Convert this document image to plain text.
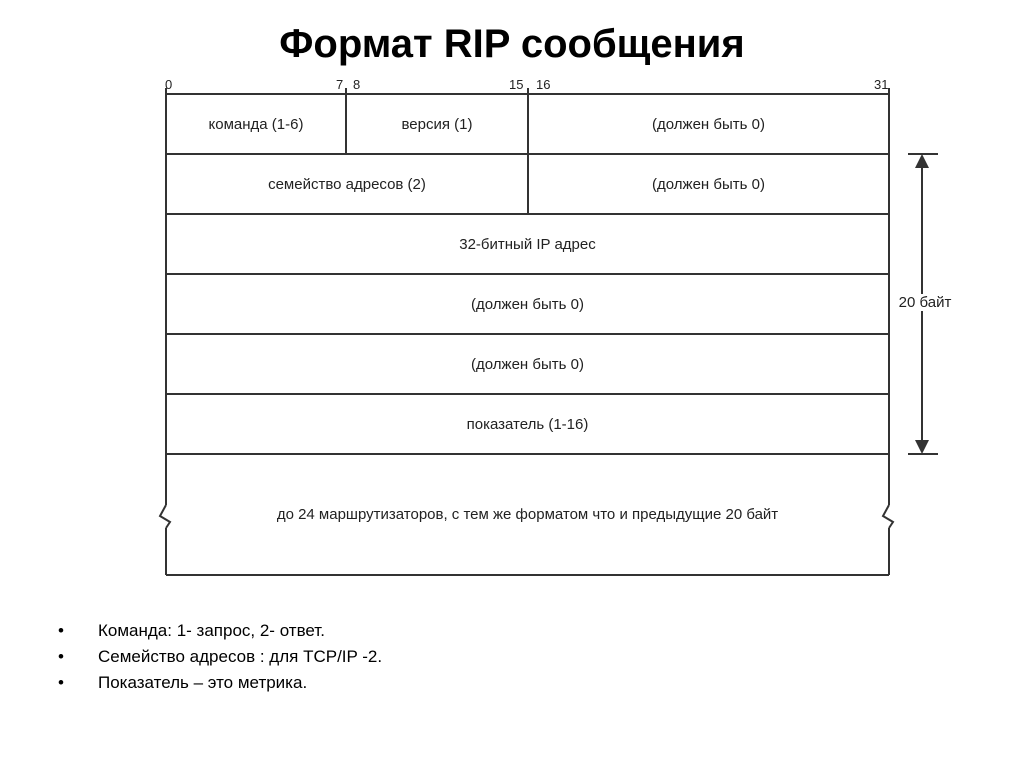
Формат RIP сообщения
0	7 8	15 16	31
команда (1-6)	версия (1)	(должен быть 0)
семейство адресов (2)	(должен быть 0)
32-битный IP адрес
(должен быть 0)
(должен быть 0)
показатель (1-16)
до 24 маршрутизаторов, с тем же форматом что и предыдущие 20 байт
20 байт
• Команда: 1- запрос, 2- ответ.
• Семейство адресов : для TCP/IP -2.
• Показатель – это метрика.
